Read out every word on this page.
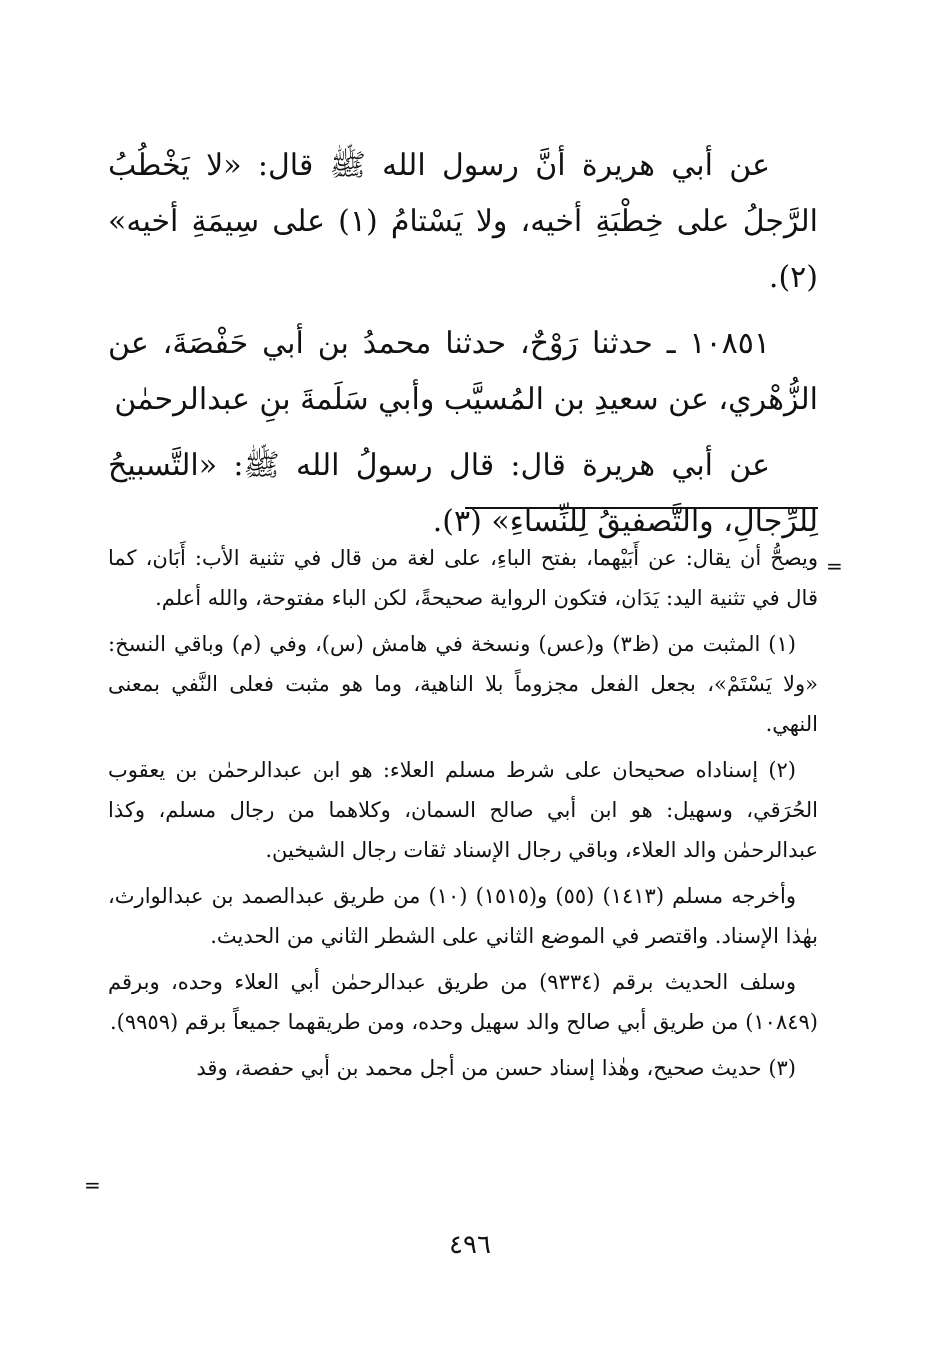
عن أبي هريرة أنَّ رسول الله ﷺ قال: «لا يَخْطُبُ الرَّجلُ على خِطْبَةِ أخيه، ولا يَسْتامُ (١) على سِيمَةِ أخيه» (٢).

١٠٨٥١ ـ حدثنا رَوْحٌ، حدثنا محمدُ بن أبي حَفْصَةَ، عن الزُّهْري، عن سعيدِ بن المُسيَّب وأبي سَلَمةَ بنِ عبدالرحمٰن

عن أبي هريرة قال: قال رسولُ الله ﷺ: «التَّسبيحُ لِلرِّجالِ، والتَّصفيقُ لِلنِّساءِ» (٣).

=

ويصحُّ أن يقال: عن أَبَيْهما، بفتح الباءِ، على لغة من قال في تثنية الأب: أَبَان، كما قال في تثنية اليد: يَدَان، فتكون الرواية صحيحةً، لكن الباء مفتوحة، والله أعلم.

(١) المثبت من (ظ٣) و(عس) ونسخة في هامش (س)، وفي (م) وباقي النسخ: «ولا يَسْتَمْ»، بجعل الفعل مجزوماً بلا الناهية، وما هو مثبت فعلى النَّفي بمعنى النهي.

(٢) إسناداه صحيحان على شرط مسلم العلاء: هو ابن عبدالرحمٰن بن يعقوب الحُرَقي، وسهيل: هو ابن أبي صالح السمان، وكلاهما من رجال مسلم، وكذا عبدالرحمٰن والد العلاء، وباقي رجال الإسناد ثقات رجال الشيخين.

وأخرجه مسلم (١٤١٣) (٥٥) و(١٥١٥) (١٠) من طريق عبدالصمد بن عبدالوارث، بهٰذا الإسناد. واقتصر في الموضع الثاني على الشطر الثاني من الحديث.

وسلف الحديث برقم (٩٣٣٤) من طريق عبدالرحمٰن أبي العلاء وحده، وبرقم (١٠٨٤٩) من طريق أبي صالح والد سهيل وحده، ومن طريقهما جميعاً برقم (٩٩٥٩).

(٣) حديث صحيح، وهٰذا إسناد حسن من أجل محمد بن أبي حفصة، وقد

=
٤٩٦
